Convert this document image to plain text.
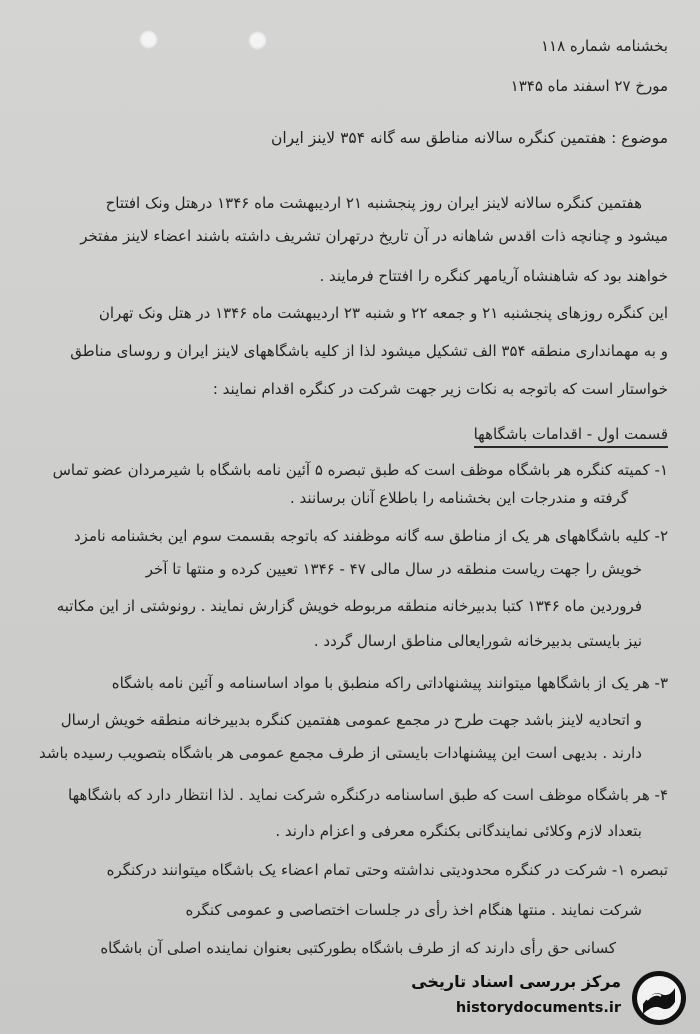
بخشنامه شماره ۱۱۸
مورخ ۲۷ اسفند ماه ۱۳۴۵
موضوع : هفتمین کنگره سالانه مناطق سه گانه ۳۵۴ لاینز ایران
هفتمین کنگره سالانه لاینز ایران روز پنجشنبه ۲۱ اردیبهشت ماه ۱۳۴۶ درهتل ونک افتتاح
میشود و چنانچه ذات اقدس شاهانه در آن تاریخ درتهران تشریف داشته باشند اعضاء لاینز مفتخر
خواهند بود که شاهنشاه آریامهر کنگره را افتتاح فرمایند .
این کنگره روزهای پنجشنبه ۲۱ و جمعه ۲۲ و شنبه ۲۳ اردیبهشت ماه ۱۳۴۶ در هتل ونک تهران
و به مهمانداری منطقه ۳۵۴ الف تشکیل میشود لذا از کلیه باشگاههای لاینز ایران و روسای مناطق
خواستار است که باتوجه به نکات زیر جهت شرکت در کنگره اقدام نمایند :
قسمت اول - اقدامات باشگاهها
۱- کمیته کنگره هر باشگاه موظف است که طبق تبصره ۵ آئین نامه باشگاه با شیرمردان عضو تماس
گرفته و مندرجات این بخشنامه را باطلاع آنان برسانند .
۲- کلیه باشگاههای هر یک از مناطق سه گانه موظفند که باتوجه بقسمت سوم این بخشنامه نامزد
خویش را جهت ریاست منطقه در سال مالی ۴۷ - ۱۳۴۶ تعیین کرده و منتها تا آخر
فروردین ماه ۱۳۴۶ کتبا بدبیرخانه منطقه مربوطه خویش گزارش نمایند . رونوشتی از این مکاتبه
نیز بایستی بدبیرخانه شورایعالی مناطق ارسال گردد .
۳- هر یک از باشگاهها میتوانند پیشنهاداتی راکه منطبق با مواد اساسنامه و آئین نامه باشگاه
و اتحادیه لاینز باشد جهت طرح در مجمع عمومی هفتمین کنگره بدبیرخانه منطقه خویش ارسال
دارند . بدیهی است این پیشنهادات بایستی از طرف مجمع عمومی هر باشگاه بتصویب رسیده باشد
۴- هر باشگاه موظف است که طبق اساسنامه درکنگره شرکت نماید . لذا انتظار دارد که باشگاهها
بتعداد لازم وکلائی نمایندگانی بکنگره معرفی و اعزام دارند .
تبصره ۱- شرکت در کنگره محدودیتی نداشته وحتی تمام اعضاء یک باشگاه میتوانند درکنگره
شرکت نمایند . منتها هنگام اخذ رأی در جلسات اختصاصی و عمومی کنگره
کسانی حق رأی دارند که از طرف باشگاه بطورکتبی بعنوان نماینده اصلی آن باشگاه
مرکز بررسی اسناد تاریخی
historydocuments.ir
